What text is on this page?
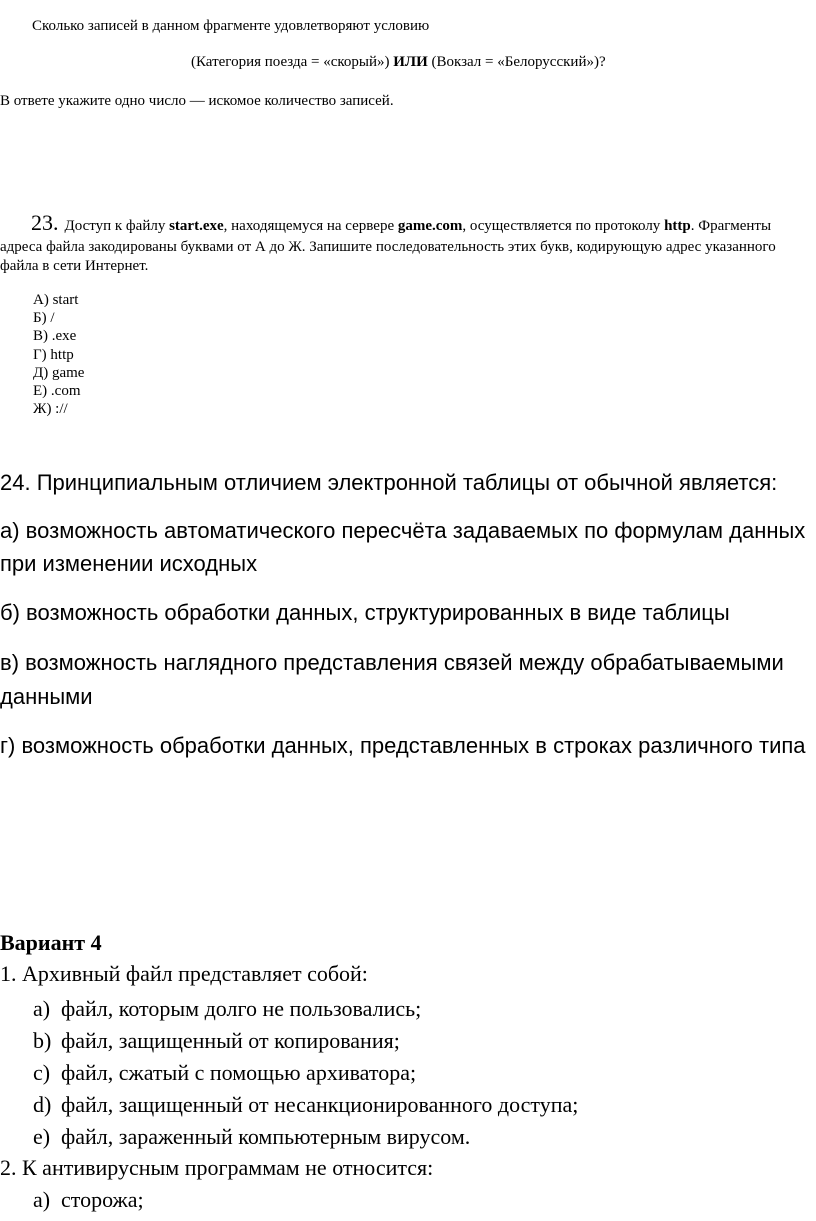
Сколько записей в данном фрагменте удовлетворяют условию
(Категория поезда = «скорый») ИЛИ (Вокзал = «Белорусский»)?
В ответе укажите одно число — искомое количество записей.
23. Доступ к файлу start.exe, находящемуся на сервере game.com, осуществляется по протоколу http. Фрагменты
адреса файла закодированы буквами от А до Ж. Запишите последовательность этих букв, кодирующую адрес указанного
файла в сети Интернет.
А) start
Б) /
В) .exe
Г) http
Д) game
Е) .com
Ж) ://
24. Принципиальным отличием электронной таблицы от обычной является:
а) возможность автоматического пересчёта задаваемых по формулам данных
при изменении исходных
б) возможность обработки данных, структурированных в виде таблицы
в) возможность наглядного представления связей между обрабатываемыми
данными
г) возможность обработки данных, представленных в строках различного типа
Вариант 4
1. Архивный файл представляет собой:
a) файл, которым долго не пользовались;
b) файл, защищенный от копирования;
c) файл, сжатый с помощью архиватора;
d) файл, защищенный от несанкционированного доступа;
e) файл, зараженный компьютерным вирусом.
2. К антивирусным программам не относится:
a) сторожа;
